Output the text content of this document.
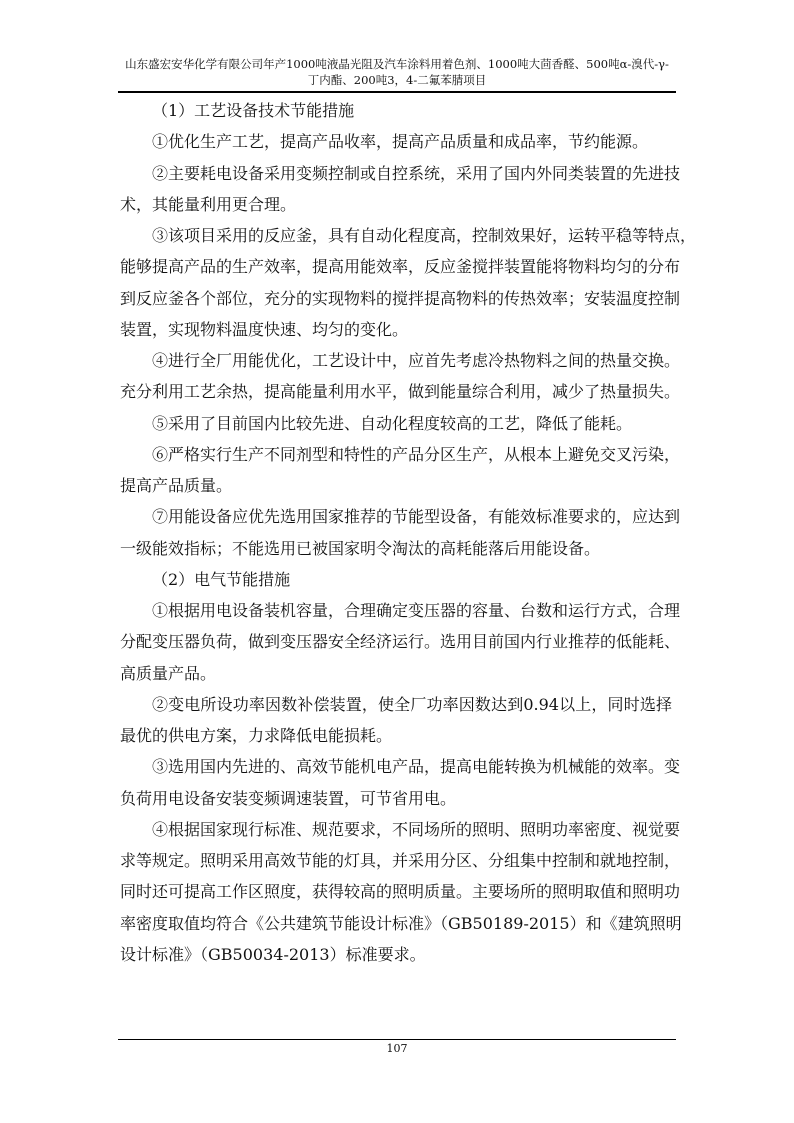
山东盛宏安华化学有限公司年产1000吨液晶光阻及汽车涂料用着色剂、1000吨大茴香醛、500吨α-溴代-γ-
丁内酯、200吨3，4-二氟苯腈项目
（1）工艺设备技术节能措施
①优化生产工艺，提高产品收率，提高产品质量和成品率，节约能源。
②主要耗电设备采用变频控制或自控系统，采用了国内外同类装置的先进技
术，其能量利用更合理。
③该项目采用的反应釜，具有自动化程度高，控制效果好，运转平稳等特点，
能够提高产品的生产效率，提高用能效率，反应釜搅拌装置能将物料均匀的分布
到反应釜各个部位，充分的实现物料的搅拌提高物料的传热效率；安装温度控制
装置，实现物料温度快速、均匀的变化。
④进行全厂用能优化，工艺设计中，应首先考虑冷热物料之间的热量交换。
充分利用工艺余热，提高能量利用水平，做到能量综合利用，减少了热量损失。
⑤采用了目前国内比较先进、自动化程度较高的工艺，降低了能耗。
⑥严格实行生产不同剂型和特性的产品分区生产，从根本上避免交叉污染，
提高产品质量。
⑦用能设备应优先选用国家推荐的节能型设备，有能效标准要求的，应达到
一级能效指标；不能选用已被国家明令淘汰的高耗能落后用能设备。
（2）电气节能措施
①根据用电设备装机容量，合理确定变压器的容量、台数和运行方式，合理
分配变压器负荷，做到变压器安全经济运行。选用目前国内行业推荐的低能耗、
高质量产品。
②变电所设功率因数补偿装置，使全厂功率因数达到0.94以上，同时选择
最优的供电方案，力求降低电能损耗。
③选用国内先进的、高效节能机电产品，提高电能转换为机械能的效率。变
负荷用电设备安装变频调速装置，可节省用电。
④根据国家现行标准、规范要求，不同场所的照明、照明功率密度、视觉要
求等规定。照明采用高效节能的灯具，并采用分区、分组集中控制和就地控制，
同时还可提高工作区照度，获得较高的照明质量。主要场所的照明取值和照明功
率密度取值均符合《公共建筑节能设计标准》（GB50189-2015）和《建筑照明
设计标准》（GB50034-2013）标准要求。
107
